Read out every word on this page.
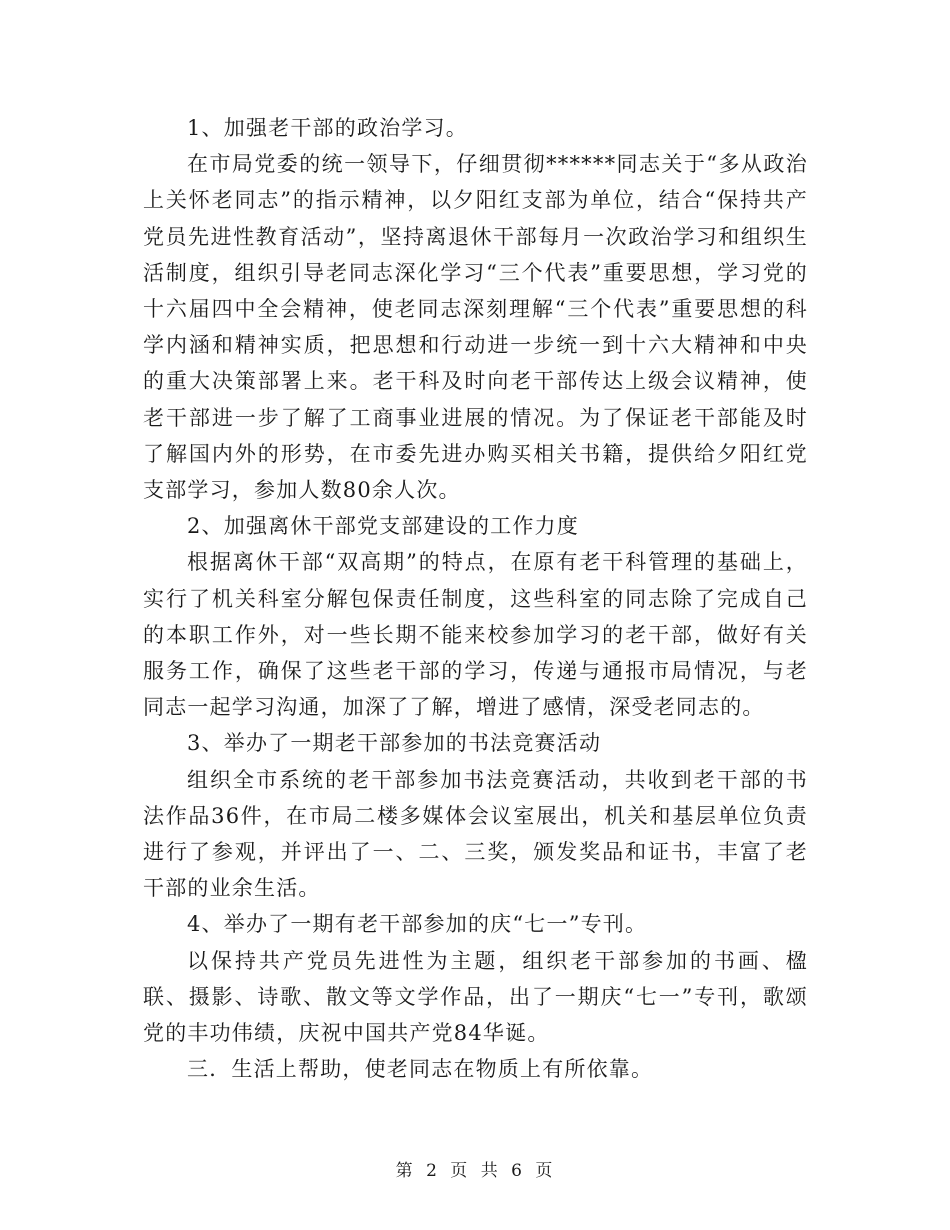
1、加强老干部的政治学习。

在市局党委的统一领导下，仔细贯彻******同志关于“多从政治上关怀老同志”的指示精神，以夕阳红支部为单位，结合“保持共产党员先进性教育活动”，坚持离退休干部每月一次政治学习和组织生活制度，组织引导老同志深化学习“三个代表”重要思想，学习党的十六届四中全会精神，使老同志深刻理解“三个代表”重要思想的科学内涵和精神实质，把思想和行动进一步统一到十六大精神和中央的重大决策部署上来。老干科及时向老干部传达上级会议精神，使老干部进一步了解了工商事业进展的情况。为了保证老干部能及时了解国内外的形势，在市委先进办购买相关书籍，提供给夕阳红党支部学习，参加人数80余人次。

2、加强离休干部党支部建设的工作力度

根据离休干部“双高期”的特点，在原有老干科管理的基础上，实行了机关科室分解包保责任制度，这些科室的同志除了完成自己的本职工作外，对一些长期不能来校参加学习的老干部，做好有关服务工作，确保了这些老干部的学习，传递与通报市局情况，与老同志一起学习沟通，加深了了解，增进了感情，深受老同志的。

3、举办了一期老干部参加的书法竞赛活动

组织全市系统的老干部参加书法竞赛活动，共收到老干部的书法作品36件，在市局二楼多媒体会议室展出，机关和基层单位负责进行了参观，并评出了一、二、三奖，颁发奖品和证书，丰富了老干部的业余生活。

4、举办了一期有老干部参加的庆“七一”专刊。

以保持共产党员先进性为主题，组织老干部参加的书画、楹联、摄影、诗歌、散文等文学作品，出了一期庆“七一”专刊，歌颂党的丰功伟绩，庆祝中国共产党84华诞。

三．生活上帮助，使老同志在物质上有所依靠。

第 2 页 共 6 页
